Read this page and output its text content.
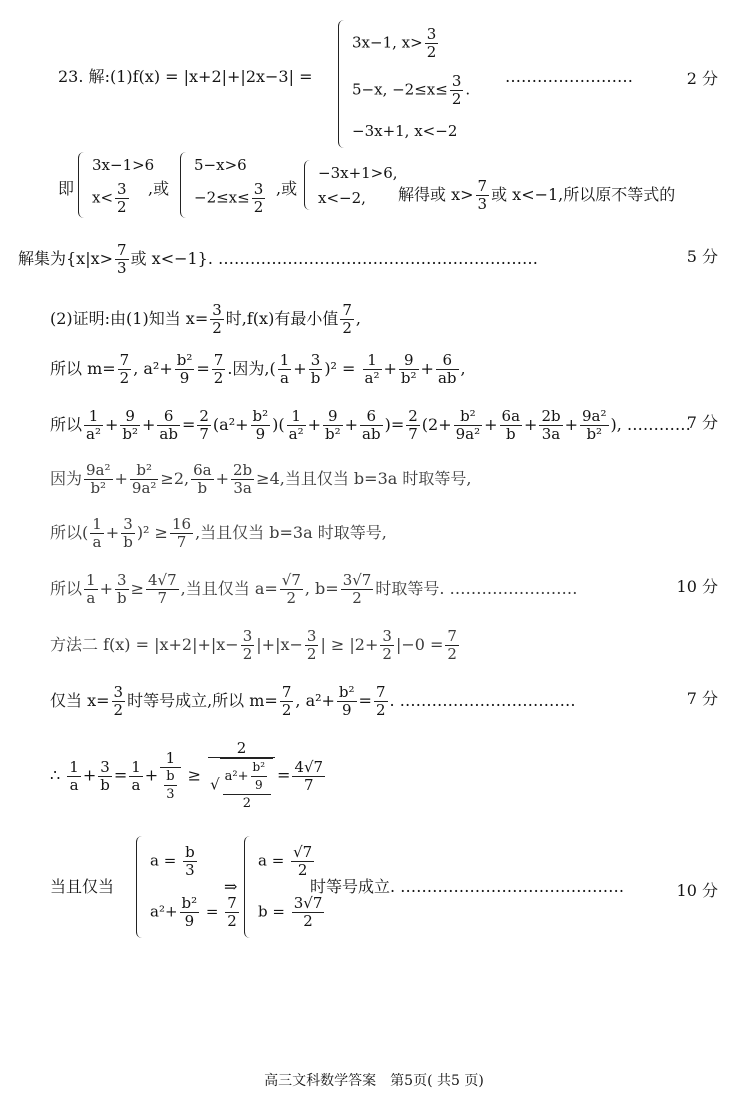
23. 解:(1)f(x) = |x+2|+|2x−3| =
3x−1, $x> \frac{3}{2}$
5−x, $-2\le x\le \frac{3}{2}$ .
−3x+1, x<−2
……………………	2 分
即
3x−1>6
$x< \frac{3}{2}$ ,或
5−x>6
$-2\le x\le \frac{3}{2}$ ,或
−3x+1>6,
x<−2,	解得或 $x> \frac{7}{3}$ 或 x<−1,所以原不等式的
解集为{$x|x> \frac{7}{3}$ 或 x<−1}. ……………………………………………………	5 分
(2)证明:由(1)知当 $x= \frac{3}{2}$ 时,f(x)有最小值 $\frac{7}{2}$ ,
所以 $m= \frac{7}{2}$ , $a^2+ \frac{\text{b²}}{9} = \frac{7}{2}$ .因为,( $\frac{1}{a} + \frac{3}{b} )^2 = \frac{1}{\text{a²}} + \frac{9}{\text{b²}} + \frac{6}{ab}$ ,
所以 $\frac{1}{\text{a²}} + \frac{9}{\text{b²}} + \frac{6}{ab} = \frac{2}{7} (a^2+ \frac{\text{b²}}{9}$ )( $\frac{1}{\text{a²}} + \frac{9}{\text{b²}} + \frac{6}{ab}$ )= $\frac{2}{7} (2+ \frac{\text{b²}}{\text{9a²}} + \frac{6a}{b} + \frac{2b}{3a} + \frac{\text{9a²}}{\text{b²}}$ ), …………
7 分
因为 $\frac{\text{9a²}}{\text{b²}} + \frac{\text{b²}}{\text{9a²}} \ge 2$, $\frac{6a}{b} + \frac{2b}{3a} \ge 4$,当且仅当 b=3a 时取等号,
所以( $\frac{1}{a} + \frac{3}{b} )^2 \ge \frac{16}{7}$ ,当且仅当 b=3a 时取等号,
所以 $\frac{1}{a} + \frac{3}{b} \ge \frac{4√7}{7}$ ,当且仅当 $a= \frac{√7}{2}$ , $b= \frac{3√7}{2}$ 时取等号. ……………………	10 分
方法二 $f(x) = |x+2|+|x- \frac{3}{2} |+|x- \frac{3}{2}$ | ≥ $|2+ \frac{3}{2} |-0 = \frac{7}{2}$
仅当 $x= \frac{3}{2}$ 时等号成立,所以 $m= \frac{7}{2}$ , $a^2+ \frac{\text{b²}}{9} = \frac{7}{2}$ . ……………………………	7 分
∴ $\frac{1}{a} + \frac{3}{b} = \frac{1}{a} + \frac{1}{\frac{b}{3}} \ge \frac{2}{√ \frac{a^2+ \frac{\text{b²}}{9}}{2}} = \frac{4√7}{7}$
当且仅当
$a = \frac{b}{3}$
$a^2+ \frac{\text{b²}}{9} = \frac{7}{2}$
⇒
$a = \frac{√7}{2}$
$b = \frac{3√7}{2}$
时等号成立. ……………………………………	10 分
高三文科数学答案　第5页( 共5 页)
